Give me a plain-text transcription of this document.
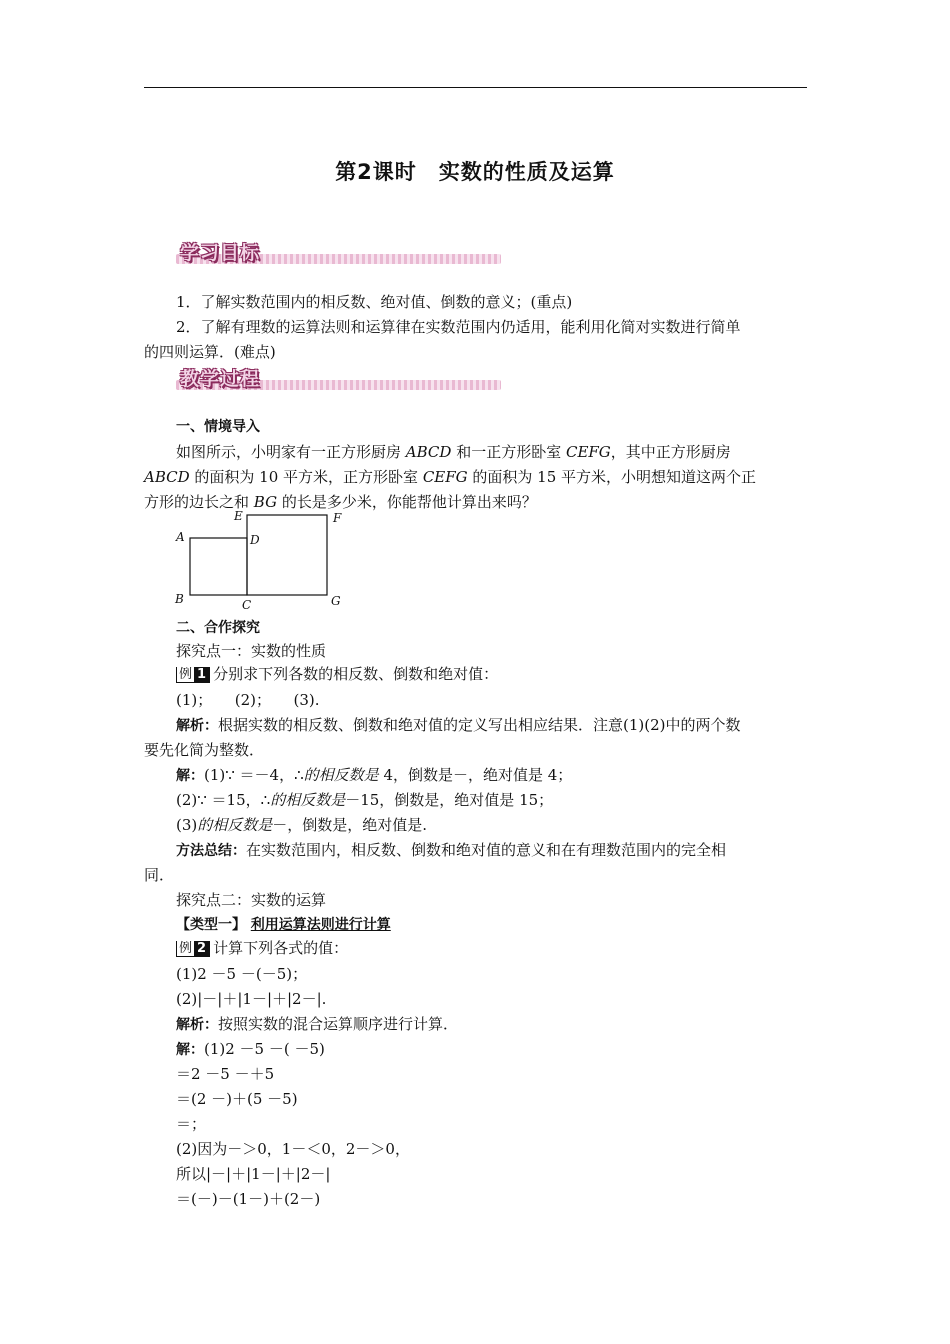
第2课时　实数的性质及运算
学习目标
1．了解实数范围内的相反数、绝对值、倒数的意义；(重点)
2．了解有理数的运算法则和运算律在实数范围内仍适用，能利用化简对实数进行简单
的四则运算．(难点)
教学过程
一、情境导入
如图所示，小明家有一正方形厨房 ABCD 和一正方形卧室 CEFG，其中正方形厨房
ABCD 的面积为 10 平方米，正方形卧室 CEFG 的面积为 15 平方米，小明想知道这两个正
方形的边长之和 BG 的长是多少米，你能帮他计算出来吗？
A
B	C
D
E	F
G
二、合作探究
探究点一：实数的性质
例 1 分别求下列各数的相反数、倒数和绝对值：
(1)；　　(2)；　　(3).
解析：根据实数的相反数、倒数和绝对值的定义写出相应结果．注意(1)(2)中的两个数
要先化简为整数．
解：(1)∵ ＝－4，∴的相反数是 4，倒数是－，绝对值是 4；
(2)∵ ＝15，∴的相反数是－15，倒数是，绝对值是 15；
(3)的相反数是－，倒数是，绝对值是.
方法总结：在实数范围内，相反数、倒数和绝对值的意义和在有理数范围内的完全相
同．
探究点二：实数的运算
【类型一】 利用运算法则进行计算
例 2 计算下列各式的值：
(1)2 －5 －(－5)；
(2)|－|＋|1－|＋|2－|.
解析：按照实数的混合运算顺序进行计算．
解：(1)2 －5 －( －5)
＝2 －5 －＋5
＝(2 －)＋(5 －5)
＝；
(2)因为－＞0，1－＜0，2－＞0，
所以|－|＋|1－|＋|2－|
＝(－)－(1－)＋(2－)
